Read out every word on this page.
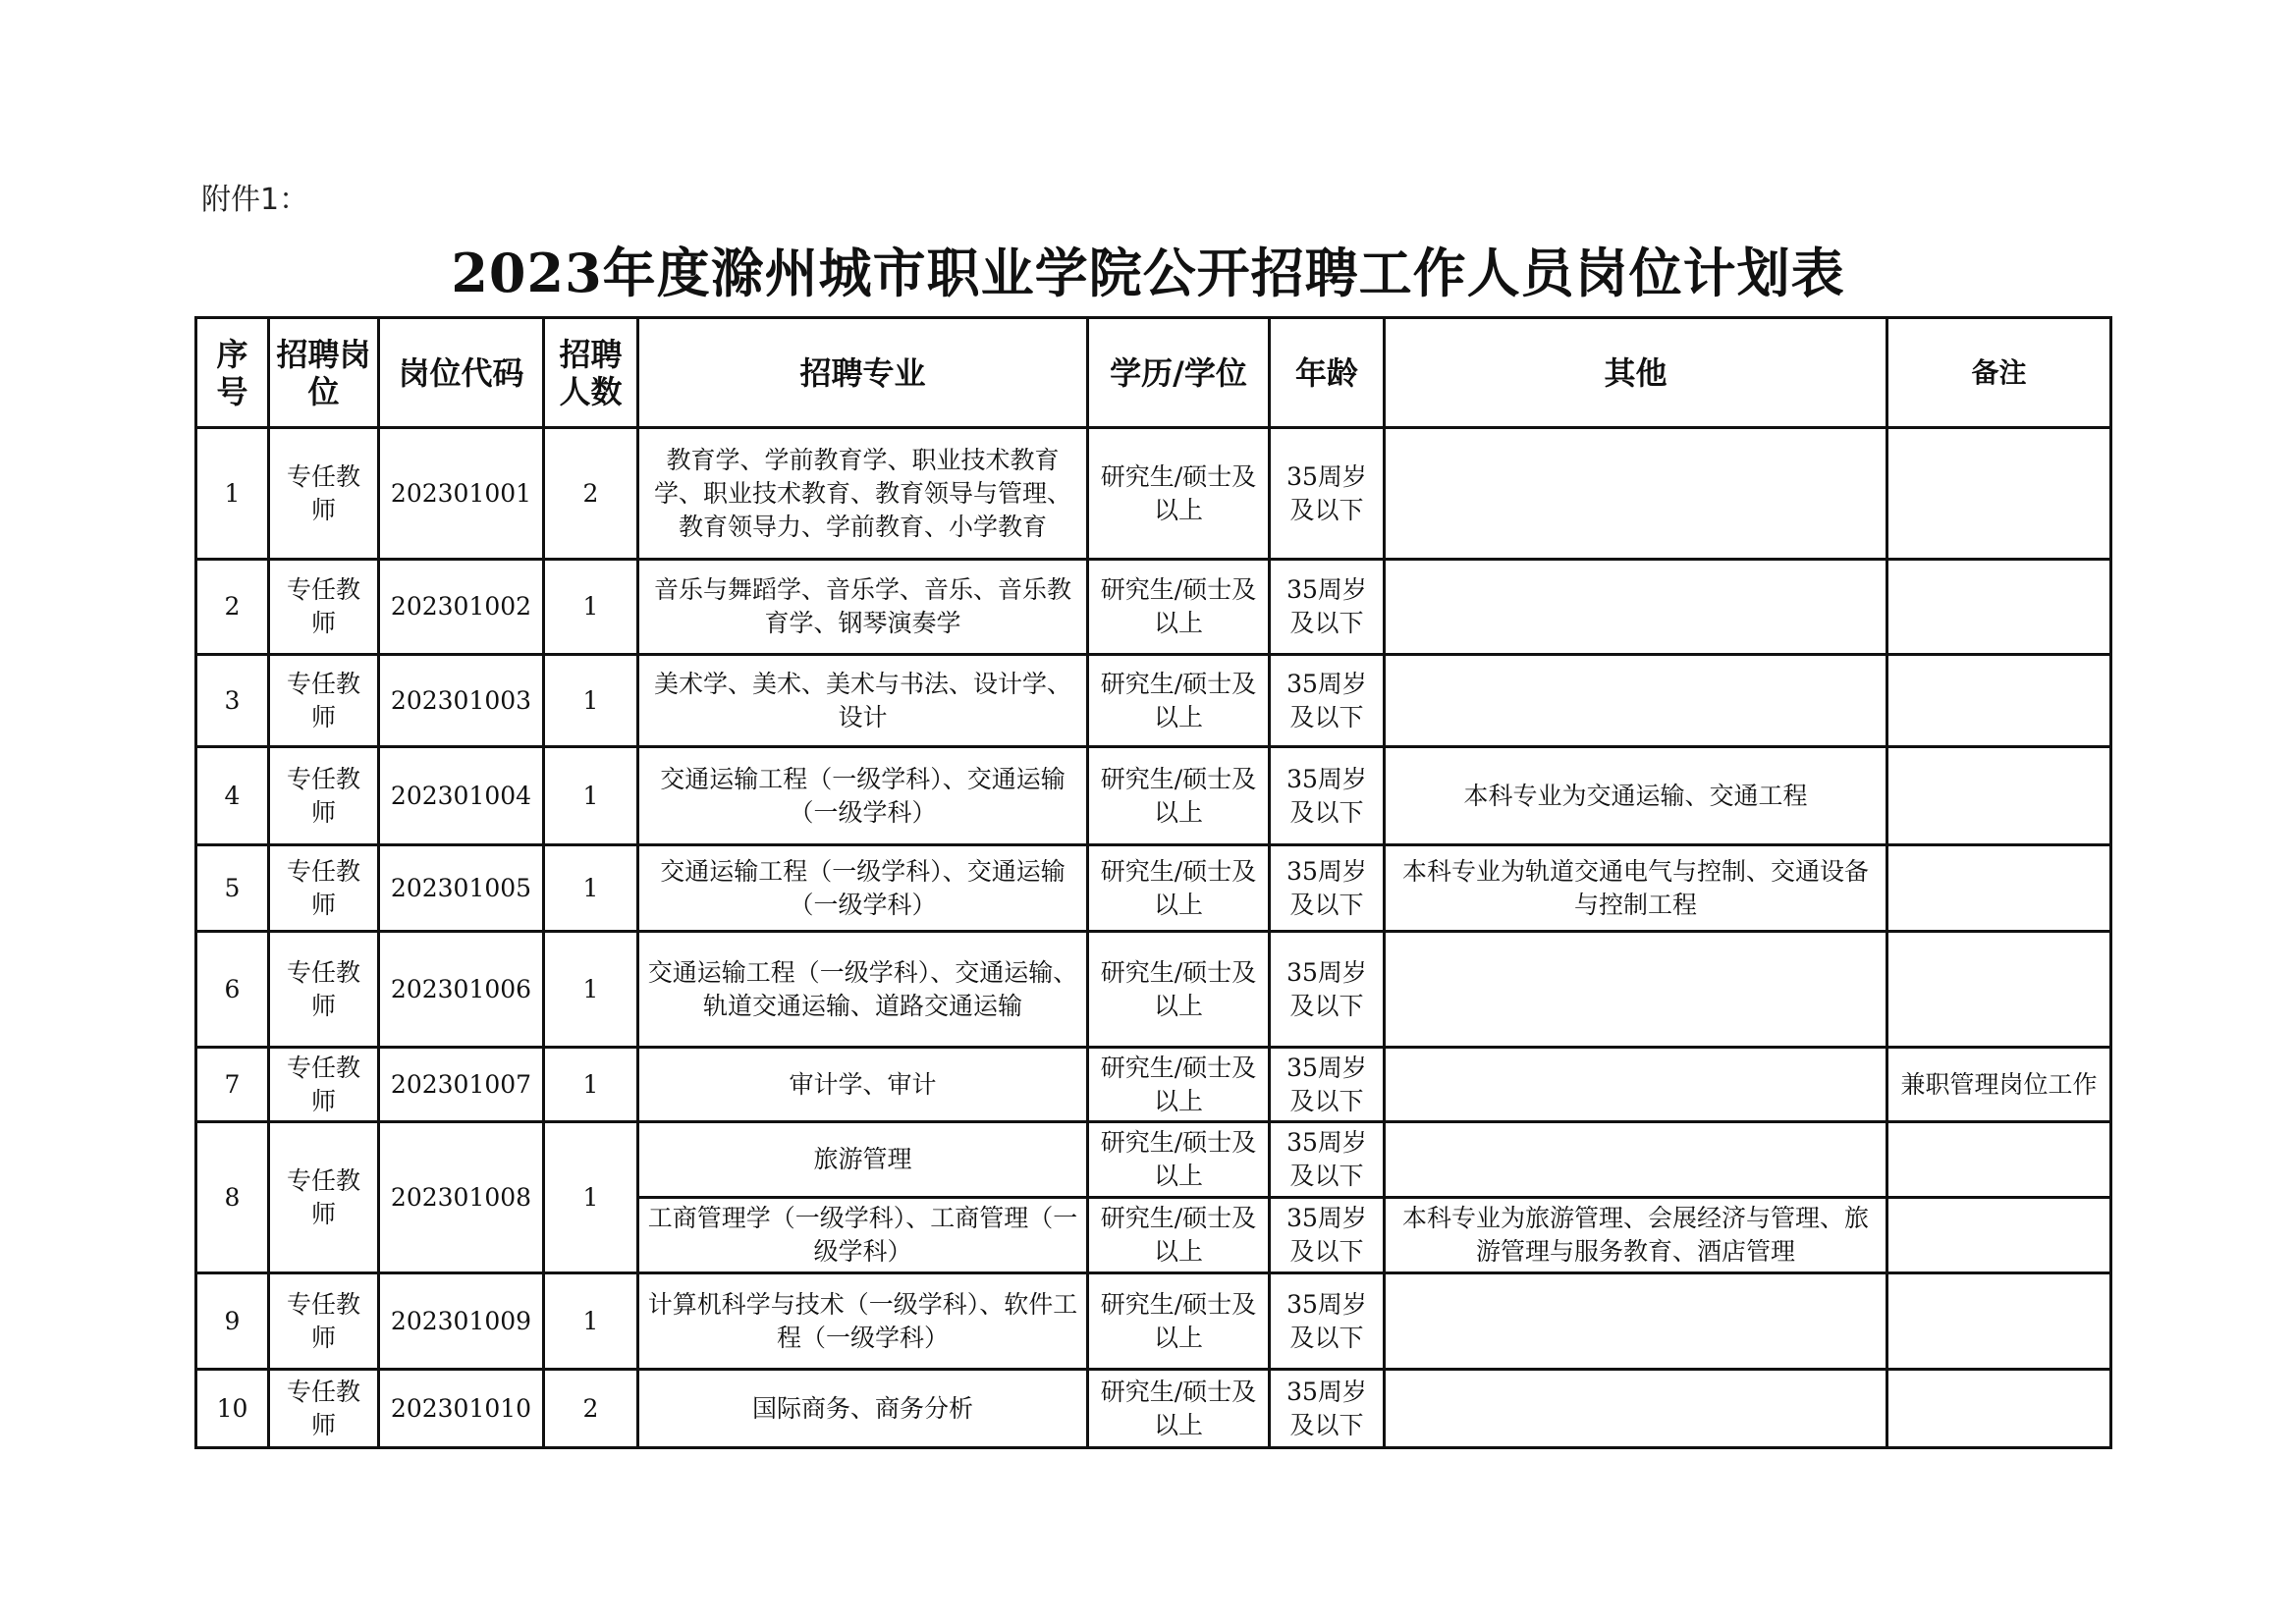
附件1：
2023年度滁州城市职业学院公开招聘工作人员岗位计划表
序号	招聘岗位	岗位代码	招聘人数	招聘专业	学历/学位	年龄	其他	备注
1	专任教师	202301001	2	教育学、学前教育学、职业技术教育学、职业技术教育、教育领导与管理、教育领导力、学前教育、小学教育	研究生/硕士及以上	35周岁及以下		
2	专任教师	202301002	1	音乐与舞蹈学、音乐学、音乐、音乐教育学、钢琴演奏学	研究生/硕士及以上	35周岁及以下		
3	专任教师	202301003	1	美术学、美术、美术与书法、设计学、设计	研究生/硕士及以上	35周岁及以下		
4	专任教师	202301004	1	交通运输工程（一级学科）、交通运输（一级学科）	研究生/硕士及以上	35周岁及以下	本科专业为交通运输、交通工程	
5	专任教师	202301005	1	交通运输工程（一级学科）、交通运输（一级学科）	研究生/硕士及以上	35周岁及以下	本科专业为轨道交通电气与控制、交通设备与控制工程	
6	专任教师	202301006	1	交通运输工程（一级学科）、交通运输、轨道交通运输、道路交通运输	研究生/硕士及以上	35周岁及以下		
7	专任教师	202301007	1	审计学、审计	研究生/硕士及以上	35周岁及以下		兼职管理岗位工作
8	专任教师	202301008	1	旅游管理	研究生/硕士及以上	35周岁及以下		
				工商管理学（一级学科）、工商管理（一级学科）	研究生/硕士及以上	35周岁及以下	本科专业为旅游管理、会展经济与管理、旅游管理与服务教育、酒店管理	
9	专任教师	202301009	1	计算机科学与技术（一级学科）、软件工程（一级学科）	研究生/硕士及以上	35周岁及以下		
10	专任教师	202301010	2	国际商务、商务分析	研究生/硕士及以上	35周岁及以下		
